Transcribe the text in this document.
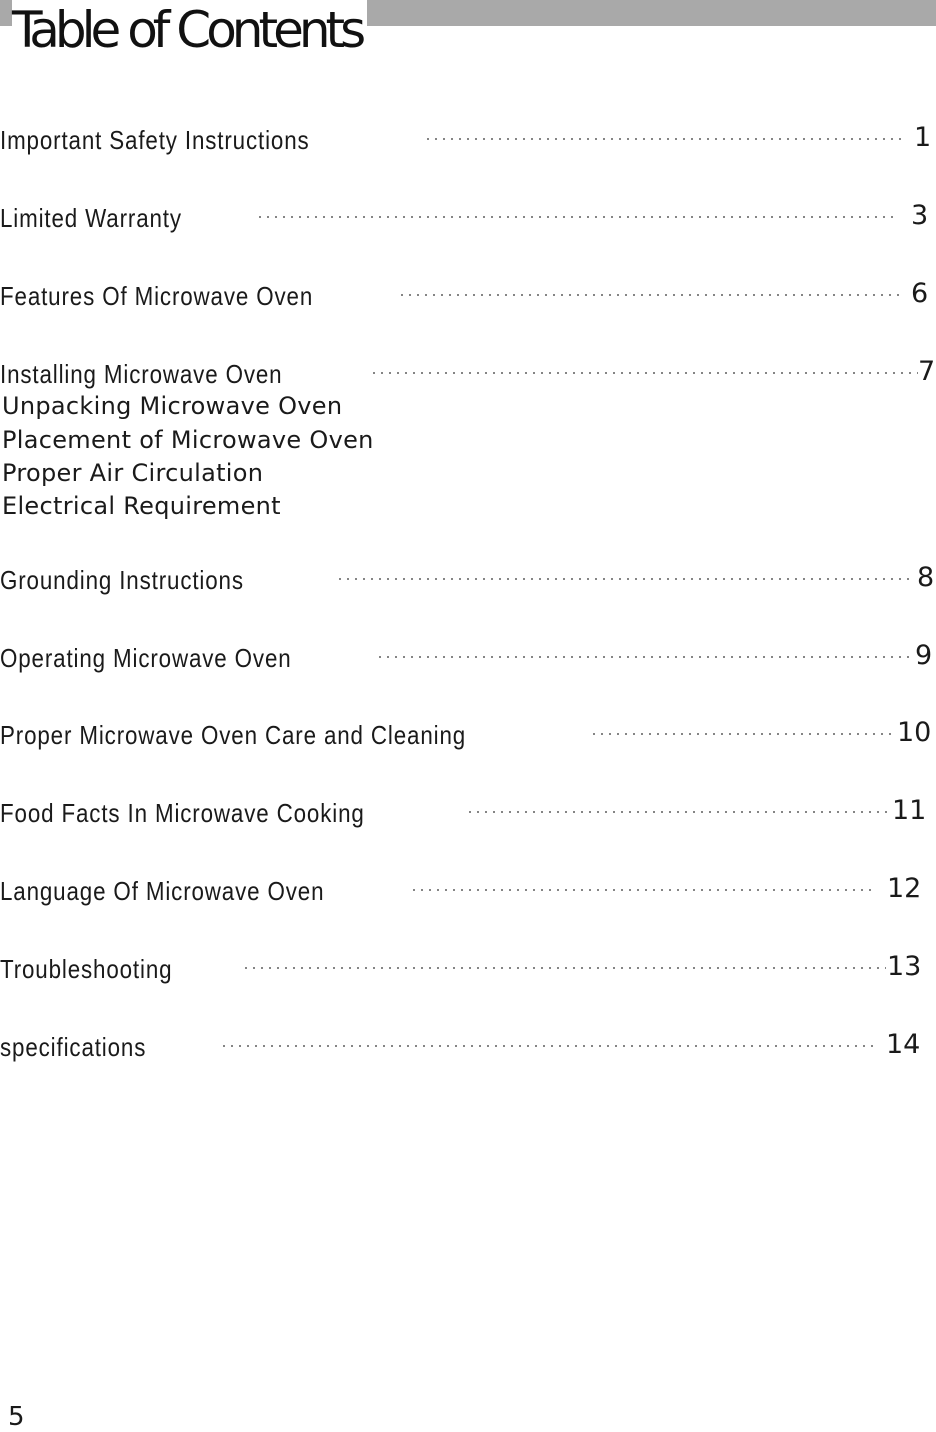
Table of Contents
Important Safety Instructions	1
Limited Warranty	3
Features Of Microwave Oven	6
Installing Microwave Oven	7
Unpacking Microwave Oven
Placement of Microwave Oven
Proper Air Circulation
Electrical Requirement
Grounding Instructions	8
Operating Microwave Oven	9
Proper Microwave Oven Care and Cleaning	10
Food Facts In Microwave Cooking	11
Language Of Microwave Oven	12
Troubleshooting	13
specifications	14
5
